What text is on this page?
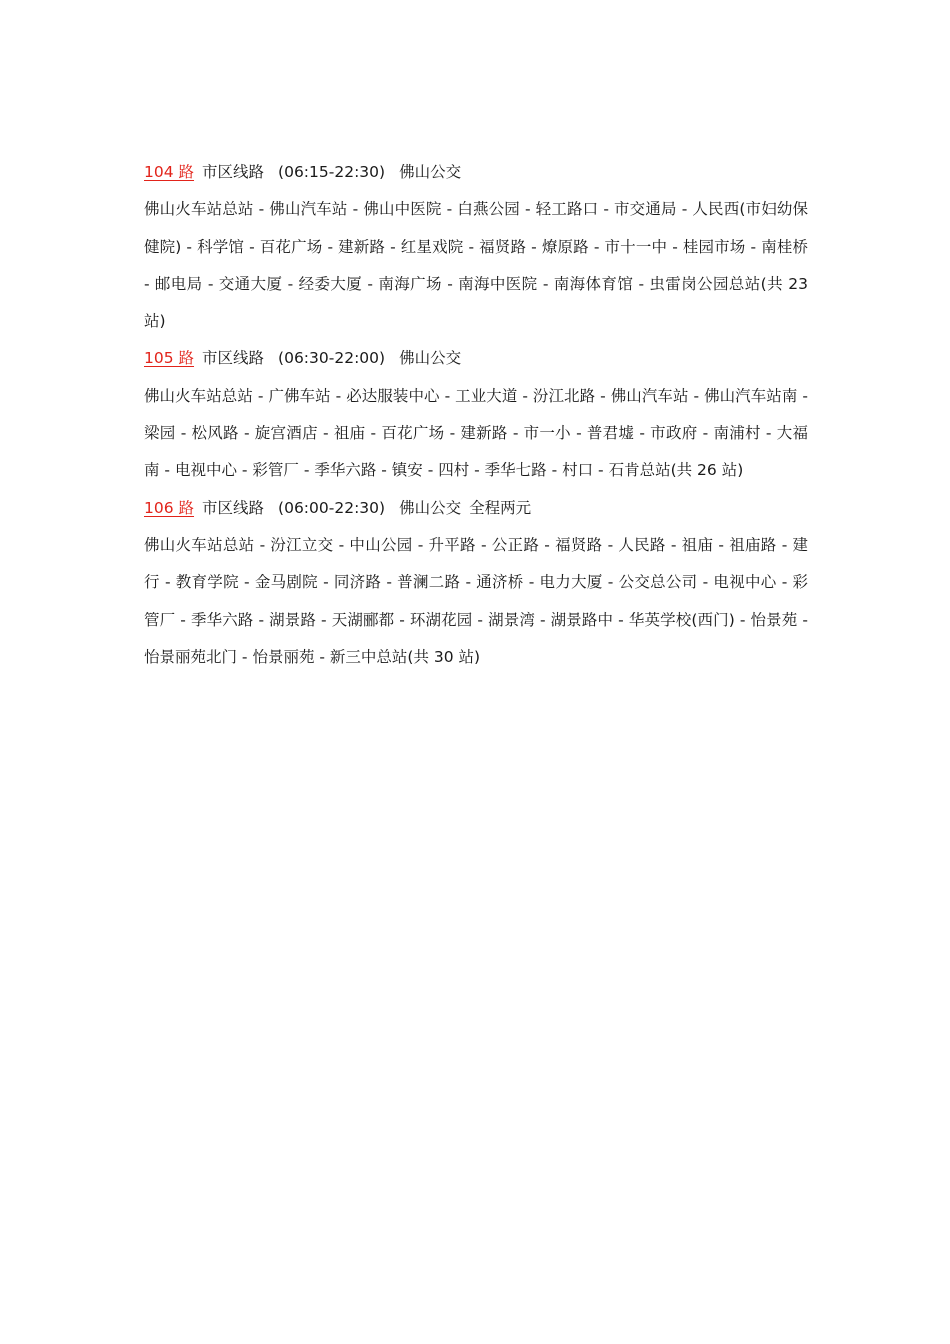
104 路 市区线路 (06:15-22:30) 佛山公交
佛山火车站总站 - 佛山汽车站 - 佛山中医院 - 白燕公园 - 轻工路口 - 市交通局 - 人民西(市妇幼保健院) - 科学馆 - 百花广场 - 建新路 - 红星戏院 - 福贤路 - 燎原路 - 市十一中 - 桂园市场 - 南桂桥 - 邮电局 - 交通大厦 - 经委大厦 - 南海广场 - 南海中医院 - 南海体育馆 - 虫雷岗公园总站(共 23 站)
105 路 市区线路 (06:30-22:00) 佛山公交
佛山火车站总站 - 广佛车站 - 必达服装中心 - 工业大道 - 汾江北路 - 佛山汽车站 - 佛山汽车站南 - 梁园 - 松风路 - 旋宫酒店 - 祖庙 - 百花广场 - 建新路 - 市一小 - 普君墟 - 市政府 - 南浦村 - 大福南 - 电视中心 - 彩管厂 - 季华六路 - 镇安 - 四村 - 季华七路 - 村口 - 石肯总站(共 26 站)
106 路 市区线路 (06:00-22:30) 佛山公交 全程两元
佛山火车站总站 - 汾江立交 - 中山公园 - 升平路 - 公正路 - 福贤路 - 人民路 - 祖庙 - 祖庙路 - 建行 - 教育学院 - 金马剧院 - 同济路 - 普澜二路 - 通济桥 - 电力大厦 - 公交总公司 - 电视中心 - 彩管厂 - 季华六路 - 湖景路 - 天湖郦都 - 环湖花园 - 湖景湾 - 湖景路中 - 华英学校(西门) - 怡景苑 - 怡景丽苑北门 - 怡景丽苑 - 新三中总站(共 30 站)
